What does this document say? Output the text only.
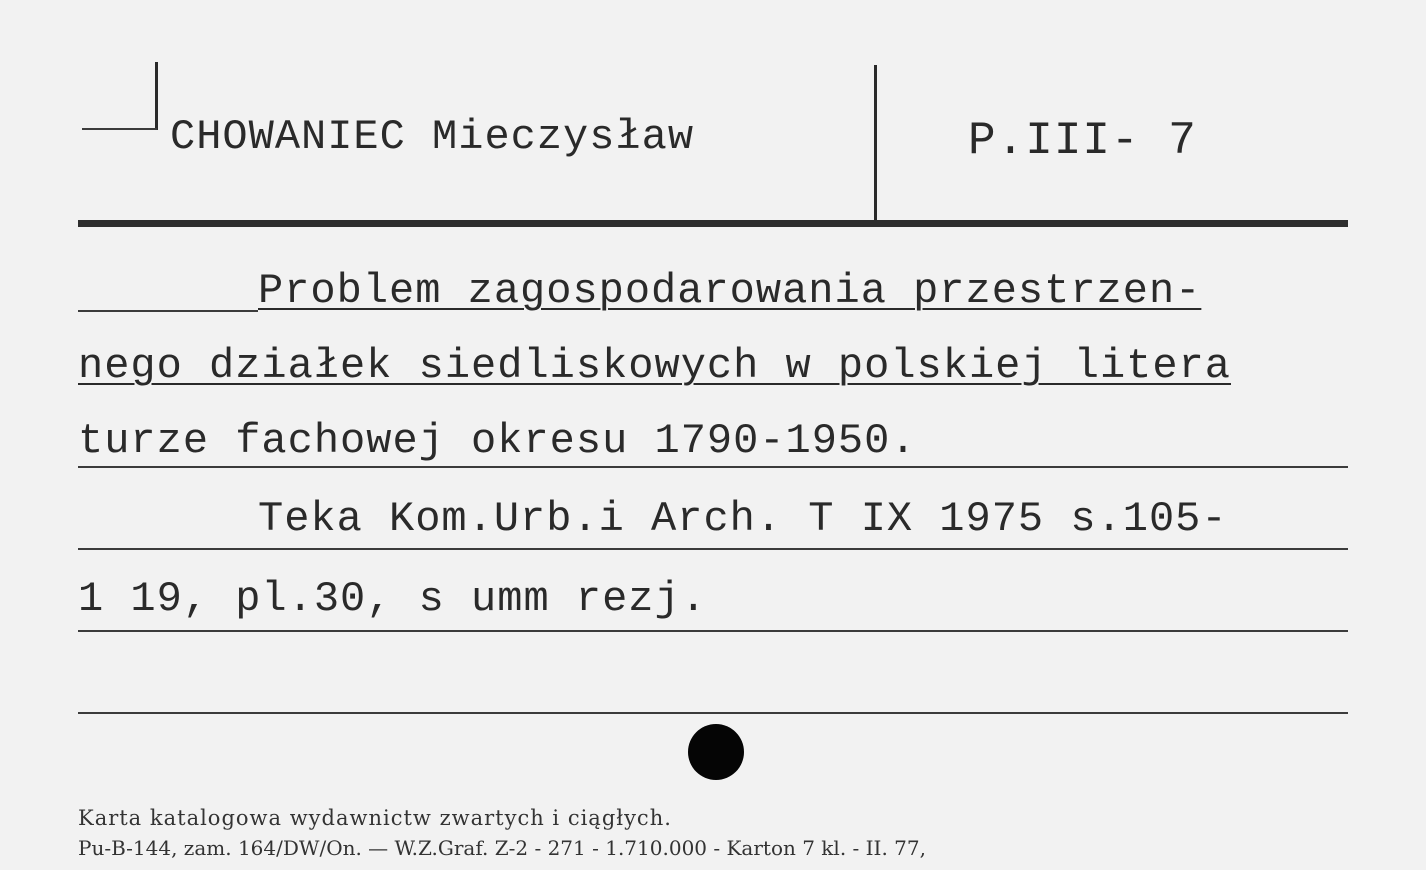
CHOWANIEC Mieczysław	P.III- 7
Problem zagospodarowania przestrzen-
nego działek siedliskowych w polskiej litera
turze fachowej okresu 1790-1950.
Teka Kom.Urb.i Arch. T IX 1975 s.105-
1 19, pl.30, s umm rezj.
Karta katalogowa wydawnictw zwartych i ciągłych.
Pu-B-144, zam. 164/DW/On. — W.Z.Graf. Z-2 - 271 - 1.710.000 - Karton 7 kl. - II. 77,
